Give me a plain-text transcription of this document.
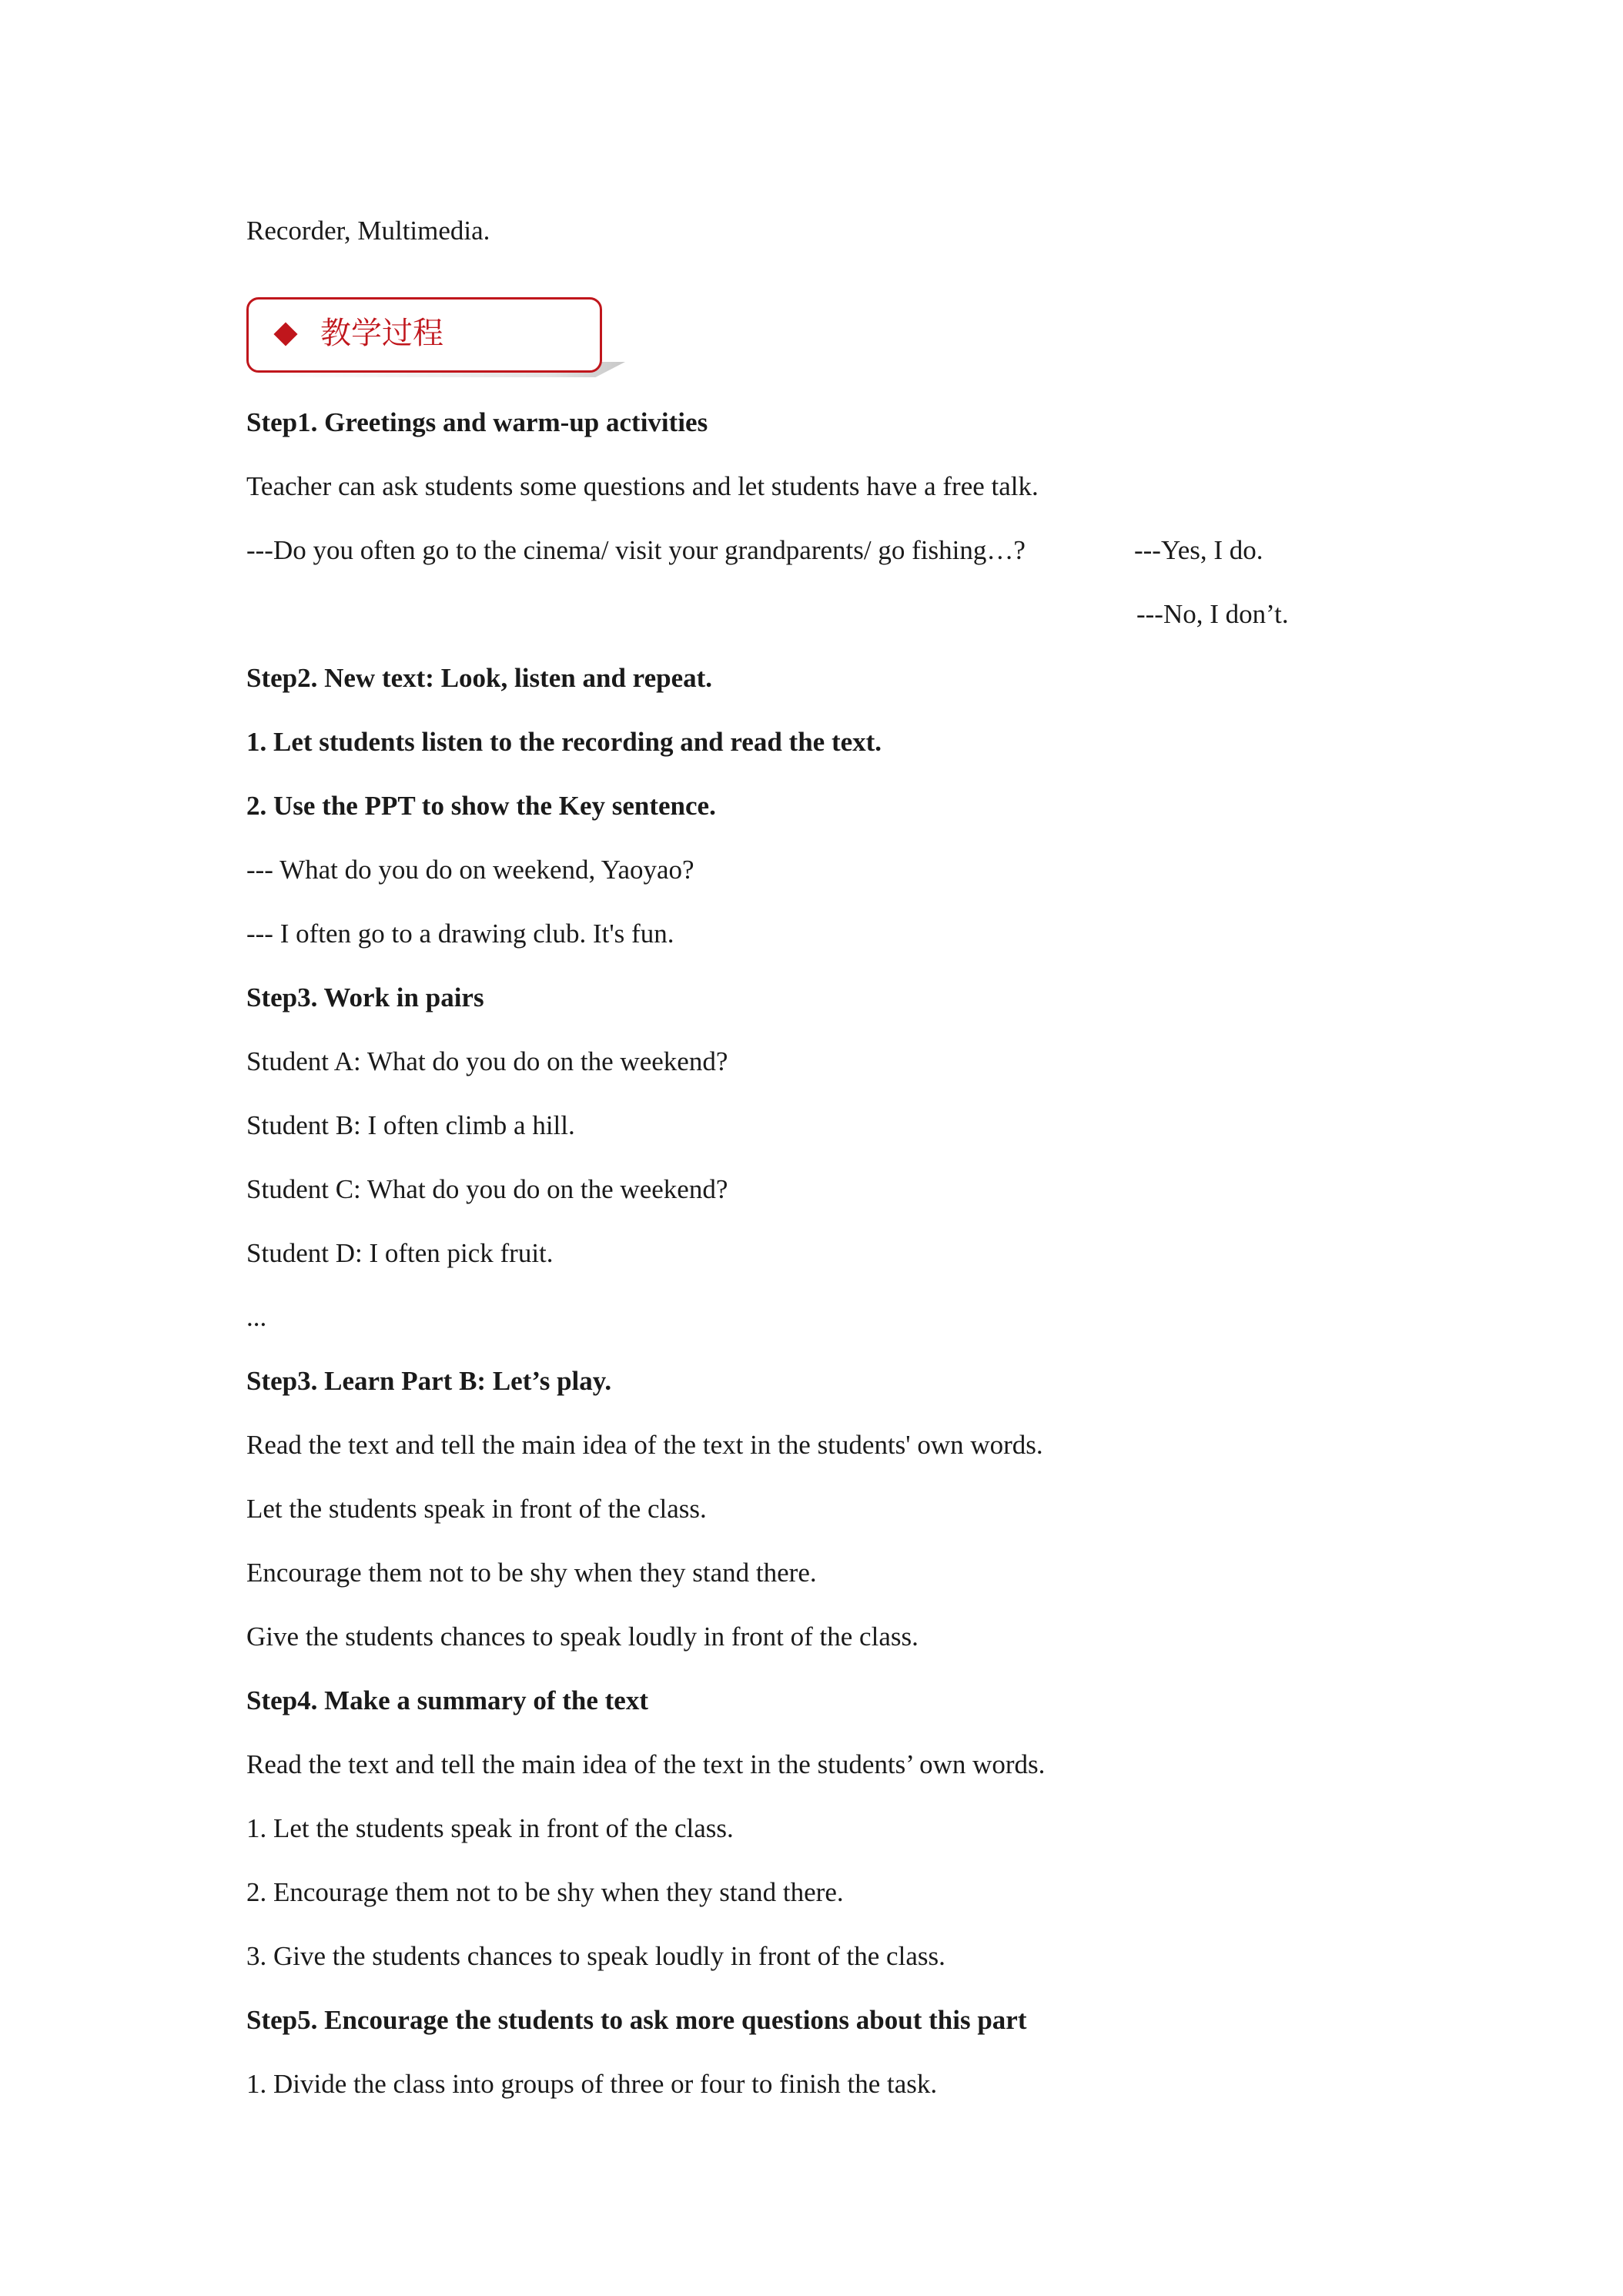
Recorder, Multimedia.
教学过程
Step1. Greetings and warm-up activities
Teacher can ask students some questions and let students have a free talk.
---Do you often go to the cinema/ visit your grandparents/ go fishing…?	---Yes, I do.
---No, I don’t.
Step2. New text: Look, listen and repeat.
1. Let students listen to the recording and read the text.
2. Use the PPT to show the Key sentence.
--- What do you do on weekend, Yaoyao?
--- I often go to a drawing club. It's fun.
Step3. Work in pairs
Student A: What do you do on the weekend?
Student B: I often climb a hill.
Student C: What do you do on the weekend?
Student D: I often pick fruit.
...
Step3. Learn Part B: Let’s play.
Read the text and tell the main idea of the text in the students' own words.
Let the students speak in front of the class.
Encourage them not to be shy when they stand there.
Give the students chances to speak loudly in front of the class.
Step4. Make a summary of the text
Read the text and tell the main idea of the text in the students’ own words.
1. Let the students speak in front of the class.
2. Encourage them not to be shy when they stand there.
3. Give the students chances to speak loudly in front of the class.
Step5. Encourage the students to ask more questions about this part
1. Divide the class into groups of three or four to finish the task.
